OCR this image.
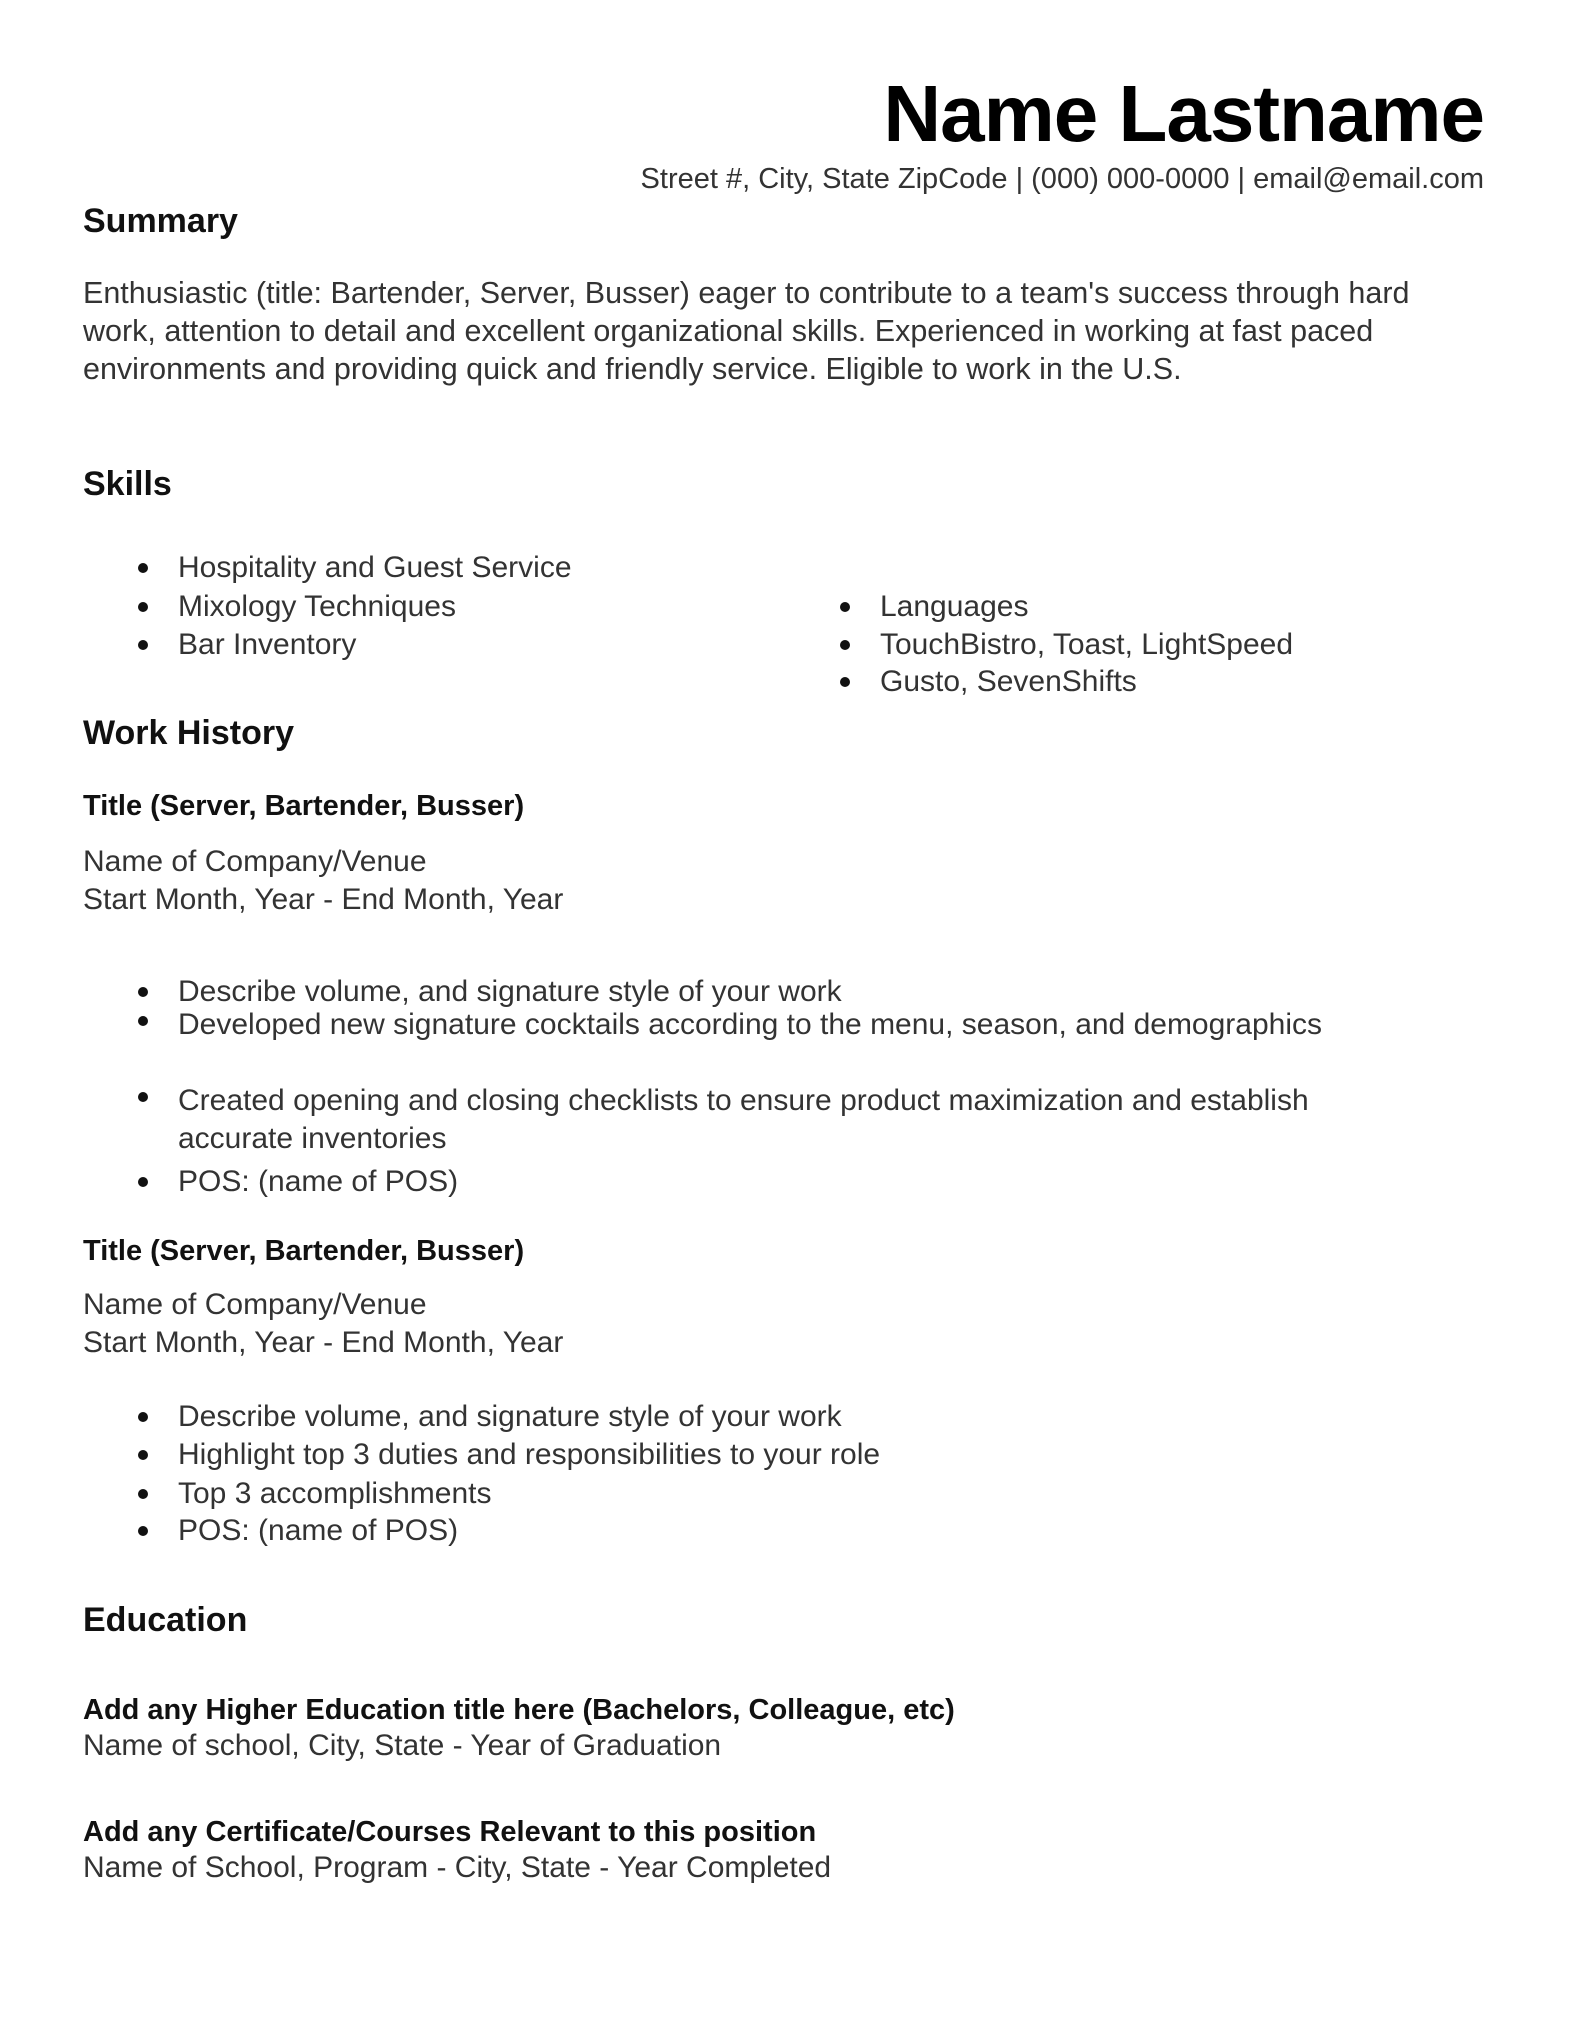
Name Lastname
Street #, City, State ZipCode | (000) 000-0000 | email@email.com
Summary
Enthusiastic (title: Bartender, Server, Busser) eager to contribute to a team's success through hard work, attention to detail and excellent organizational skills. Experienced in working at fast paced environments and providing quick and friendly service. Eligible to work in the U.S.
Skills
Hospitality and Guest Service
Mixology Techniques
Bar Inventory
Languages
TouchBistro, Toast, LightSpeed
Gusto, SevenShifts
Work History
Title (Server, Bartender, Busser)
Name of Company/Venue
Start Month, Year - End Month, Year
Describe volume, and signature style of your work
Developed new signature cocktails according to the menu, season, and demographics
Created opening and closing checklists to ensure product maximization and establish accurate inventories
POS: (name of POS)
Title (Server, Bartender, Busser)
Name of Company/Venue
Start Month, Year - End Month, Year
Describe volume, and signature style of your work
Highlight top 3 duties and responsibilities to your role
Top 3 accomplishments
POS: (name of POS)
Education
Add any Higher Education title here (Bachelors, Colleague, etc)
Name of school, City, State - Year of Graduation
Add any Certificate/Courses Relevant to this position
Name of School, Program - City, State - Year Completed
